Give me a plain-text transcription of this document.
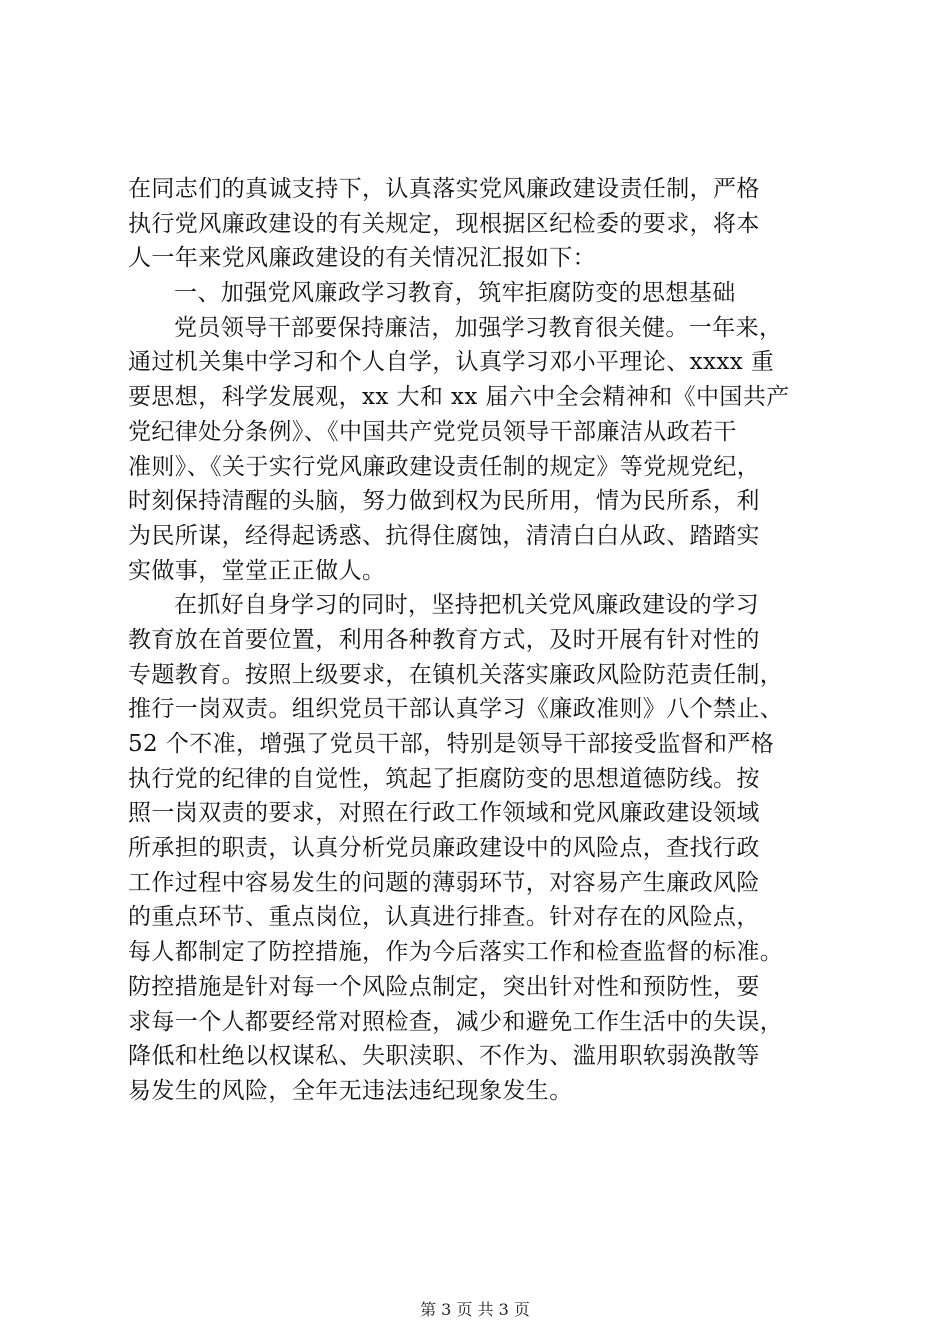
在同志们的真诚支持下，认真落实党风廉政建设责任制，严格
执行党风廉政建设的有关规定，现根据区纪检委的要求，将本
人一年来党风廉政建设的有关情况汇报如下：
一、加强党风廉政学习教育，筑牢拒腐防变的思想基础
党员领导干部要保持廉洁，加强学习教育很关健。一年来，
通过机关集中学习和个人自学，认真学习邓小平理论、xxxx 重
要思想，科学发展观，xx 大和 xx 届六中全会精神和《中国共产
党纪律处分条例》、《中国共产党党员领导干部廉洁从政若干
准则》、《关于实行党风廉政建设责任制的规定》等党规党纪，
时刻保持清醒的头脑，努力做到权为民所用，情为民所系，利
为民所谋，经得起诱惑、抗得住腐蚀，清清白白从政、踏踏实
实做事，堂堂正正做人。
在抓好自身学习的同时，坚持把机关党风廉政建设的学习
教育放在首要位置，利用各种教育方式，及时开展有针对性的
专题教育。按照上级要求，在镇机关落实廉政风险防范责任制，
推行一岗双责。组织党员干部认真学习《廉政准则》八个禁止、
52 个不准，增强了党员干部，特别是领导干部接受监督和严格
执行党的纪律的自觉性，筑起了拒腐防变的思想道德防线。按
照一岗双责的要求，对照在行政工作领域和党风廉政建设领域
所承担的职责，认真分析党员廉政建设中的风险点，查找行政
工作过程中容易发生的问题的薄弱环节，对容易产生廉政风险
的重点环节、重点岗位，认真进行排查。针对存在的风险点，
每人都制定了防控措施，作为今后落实工作和检查监督的标准。
防控措施是针对每一个风险点制定，突出针对性和预防性，要
求每一个人都要经常对照检查，减少和避免工作生活中的失误，
降低和杜绝以权谋私、失职渎职、不作为、滥用职软弱涣散等
易发生的风险，全年无违法违纪现象发生。
第 3 页 共 3 页
